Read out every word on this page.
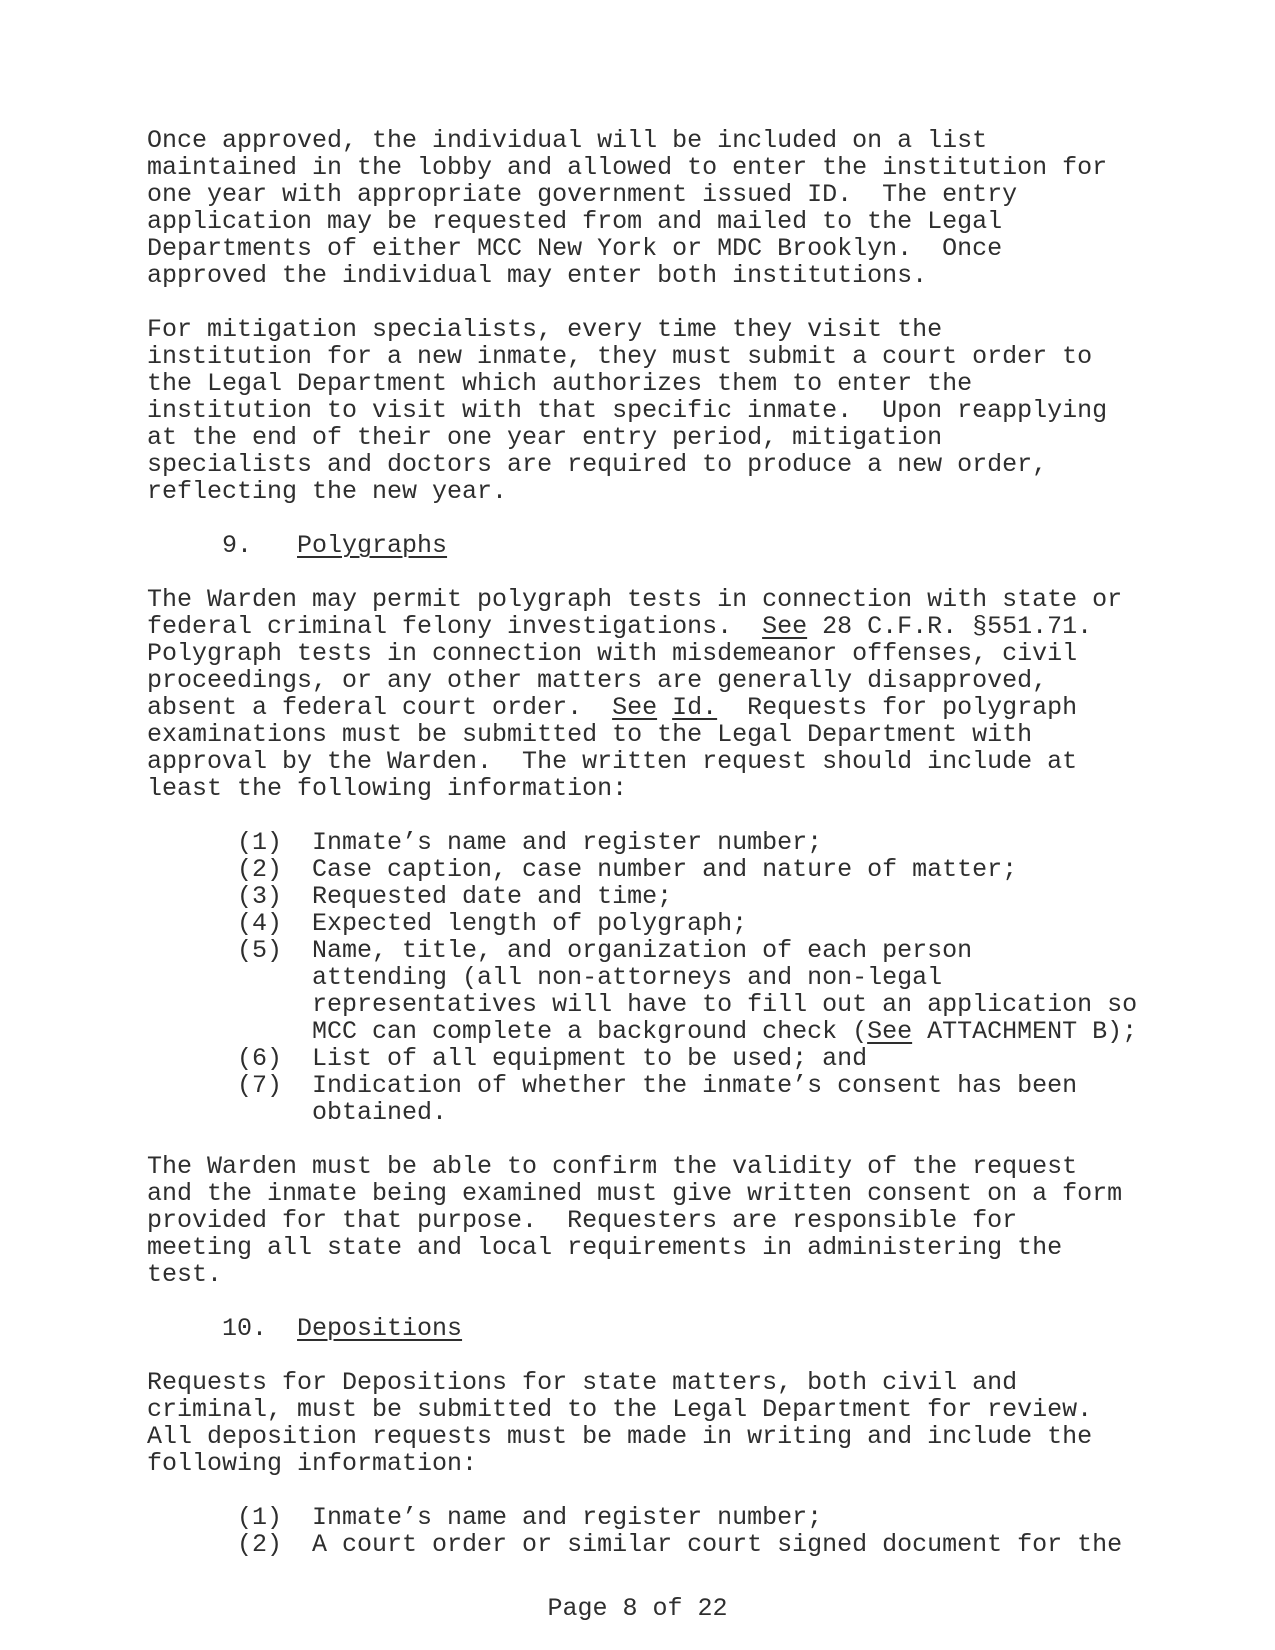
Once approved, the individual will be included on a list
maintained in the lobby and allowed to enter the institution for
one year with appropriate government issued ID.  The entry
application may be requested from and mailed to the Legal
Departments of either MCC New York or MDC Brooklyn.  Once
approved the individual may enter both institutions.
For mitigation specialists, every time they visit the
institution for a new inmate, they must submit a court order to
the Legal Department which authorizes them to enter the
institution to visit with that specific inmate.  Upon reapplying
at the end of their one year entry period, mitigation
specialists and doctors are required to produce a new order,
reflecting the new year.
9.   Polygraphs
The Warden may permit polygraph tests in connection with state or
federal criminal felony investigations.  See 28 C.F.R. §551.71.
Polygraph tests in connection with misdemeanor offenses, civil
proceedings, or any other matters are generally disapproved,
absent a federal court order.  See Id.  Requests for polygraph
examinations must be submitted to the Legal Department with
approval by the Warden.  The written request should include at
least the following information:
(1)  Inmate’s name and register number;
(2)  Case caption, case number and nature of matter;
(3)  Requested date and time;
(4)  Expected length of polygraph;
(5)  Name, title, and organization of each person
attending (all non-attorneys and non-legal
representatives will have to fill out an application so
MCC can complete a background check (See ATTACHMENT B);
(6)  List of all equipment to be used; and
(7)  Indication of whether the inmate’s consent has been
obtained.
The Warden must be able to confirm the validity of the request
and the inmate being examined must give written consent on a form
provided for that purpose.  Requesters are responsible for
meeting all state and local requirements in administering the
test.
10.  Depositions
Requests for Depositions for state matters, both civil and
criminal, must be submitted to the Legal Department for review.
All deposition requests must be made in writing and include the
following information:
(1)  Inmate’s name and register number;
(2)  A court order or similar court signed document for the
Page 8 of 22
